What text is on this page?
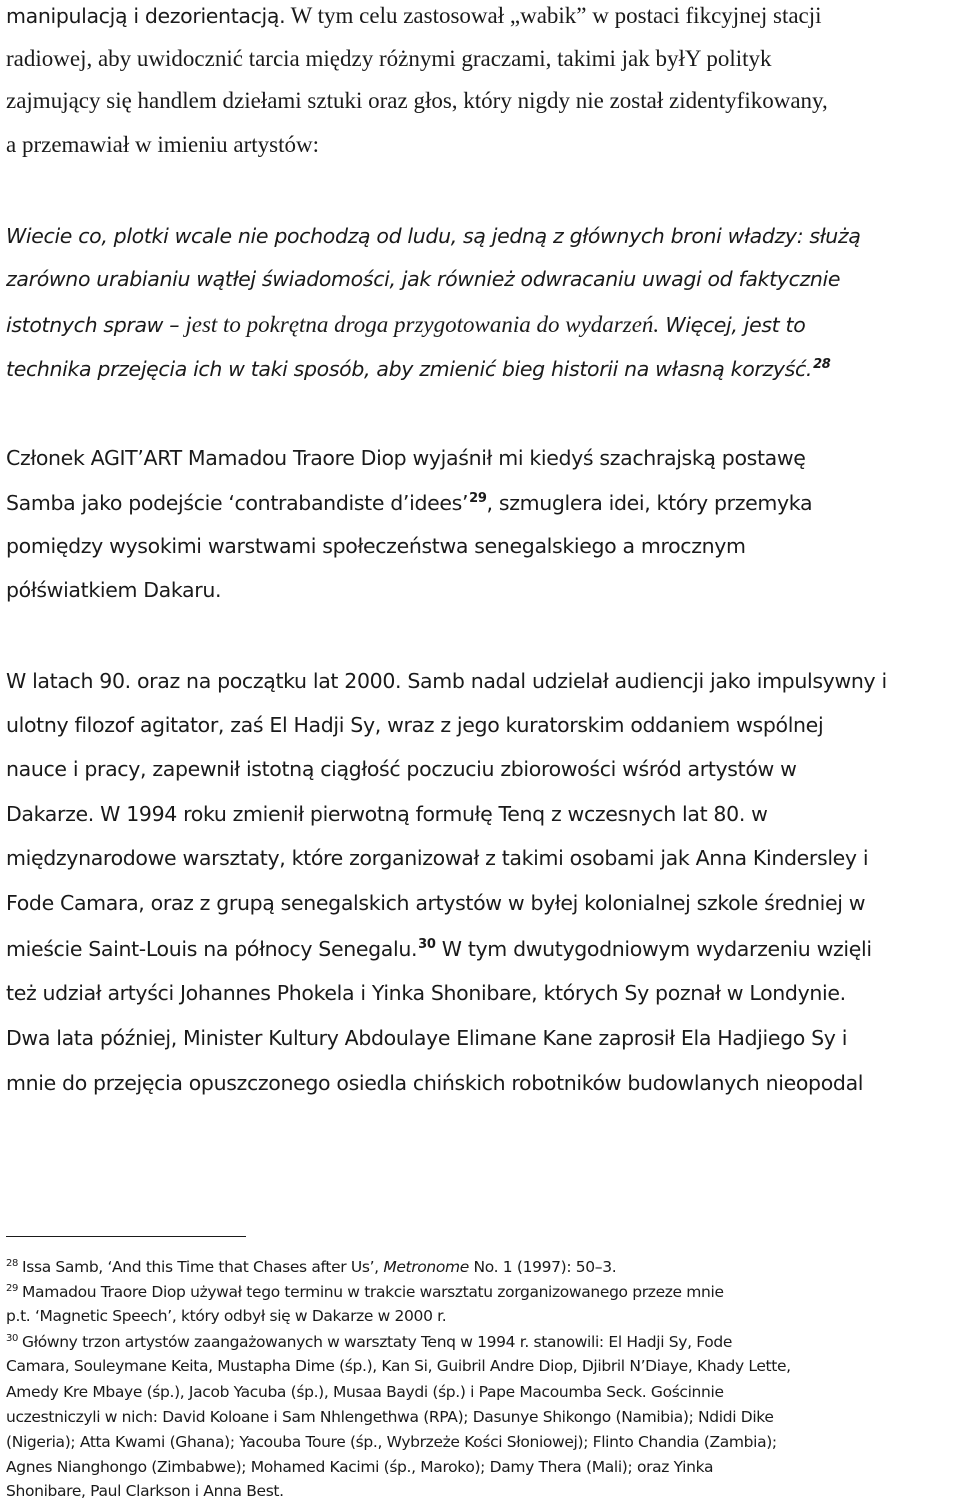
manipulacją i dezorientacją. W tym celu zastosował „wabik” w postaci fikcyjnej stacji

radiowej, aby uwidocznić tarcia między różnymi graczami, takimi jak byłY polityk

zajmujący się handlem dziełami sztuki oraz głos, który nigdy nie został zidentyfikowany,

a przemawiał w imieniu artystów:

Wiecie co, plotki wcale nie pochodzą od ludu, są jedną z głównych broni władzy: służą

zarówno urabianiu wątłej świadomości, jak również odwracaniu uwagi od faktycznie

istotnych spraw – jest to pokrętna droga przygotowania do wydarzeń. Więcej, jest to

technika przejęcia ich w taki sposób, aby zmienić bieg historii na własną korzyść.$^{28}$

Członek AGIT’ART Mamadou Traore Diop wyjaśnił mi kiedyś szachrajską postawę

Samba jako podejście ‘contrabandiste d’idees’$^{29}$, szmuglera idei, który przemyka

pomiędzy wysokimi warstwami społeczeństwa senegalskiego a mrocznym

półświatkiem Dakaru.

W latach 90. oraz na początku lat 2000. Samb nadal udzielał audiencji jako impulsywny i

ulotny filozof agitator, zaś El Hadji Sy, wraz z jego kuratorskim oddaniem wspólnej

nauce i pracy, zapewnił istotną ciągłość poczuciu zbiorowości wśród artystów w

Dakarze. W 1994 roku zmienił pierwotną formułę Tenq z wczesnych lat 80. w

międzynarodowe warsztaty, które zorganizował z takimi osobami jak Anna Kindersley i

Fode Camara, oraz z grupą senegalskich artystów w byłej kolonialnej szkole średniej w

mieście Saint-Louis na północy Senegalu.$^{30}$ W tym dwutygodniowym wydarzeniu wzięli

też udział artyści Johannes Phokela i Yinka Shonibare, których Sy poznał w Londynie.

Dwa lata później, Minister Kultury Abdoulaye Elimane Kane zaprosił Ela Hadjiego Sy i

mnie do przejęcia opuszczonego osiedla chińskich robotników budowlanych nieopodal

$^{28}$ Issa Samb, ‘And this Time that Chases after Us’, Metronome No. 1 (1997): 50–3.

$^{29}$ Mamadou Traore Diop używał tego terminu w trakcie warsztatu zorganizowanego przeze mnie

p.t. ‘Magnetic Speech’, który odbył się w Dakarze w 2000 r.

$^{30}$ Główny trzon artystów zaangażowanych w warsztaty Tenq w 1994 r. stanowili: El Hadji Sy, Fode

Camara, Souleymane Keita, Mustapha Dime (śp.), Kan Si, Guibril Andre Diop, Djibril N’Diaye, Khady Lette,

Amedy Kre Mbaye (śp.), Jacob Yacuba (śp.), Musaa Baydi (śp.) i Pape Macoumba Seck. Gościnnie

uczestniczyli w nich: David Koloane i Sam Nhlengethwa (RPA); Dasunye Shikongo (Namibia); Ndidi Dike

(Nigeria); Atta Kwami (Ghana); Yacouba Toure (śp., Wybrzeże Kości Słoniowej); Flinto Chandia (Zambia);

Agnes Nianghongo (Zimbabwe); Mohamed Kacimi (śp., Maroko); Damy Thera (Mali); oraz Yinka

Shonibare, Paul Clarkson i Anna Best.
